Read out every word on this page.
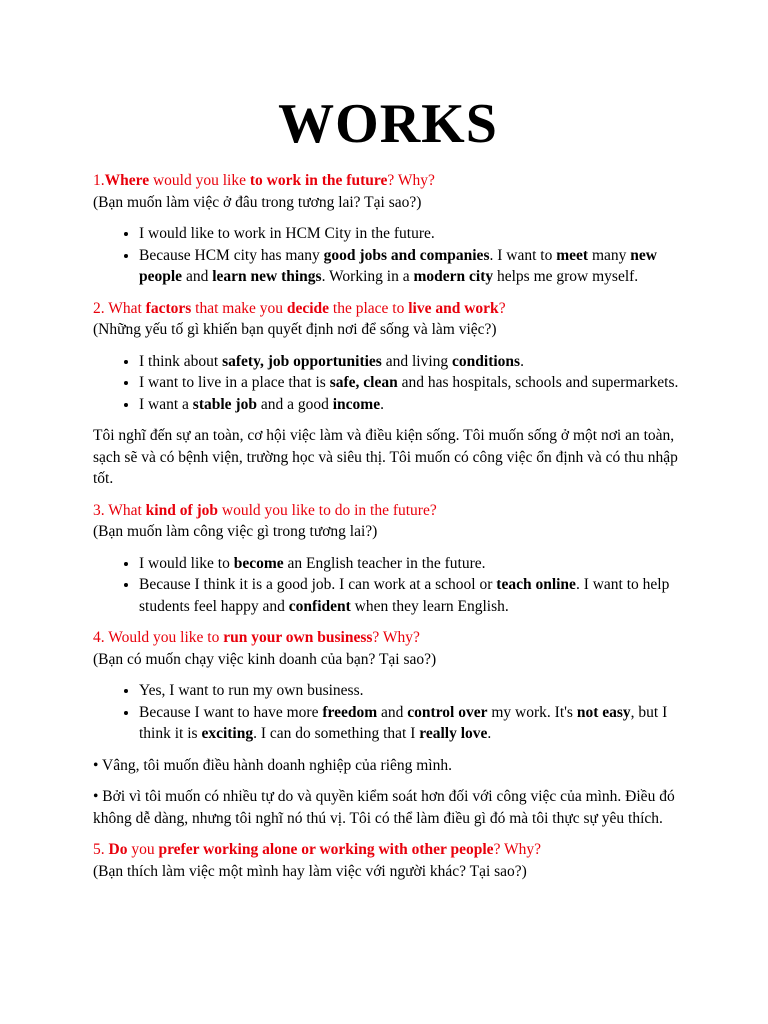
WORKS

1.Where would you like to work in the future? Why?

(Bạn muốn làm việc ở đâu trong tương lai? Tại sao?)

• I would like to work in HCM City in the future.
• Because HCM city has many good jobs and companies. I want to meet many new people and learn new things. Working in a modern city helps me grow myself.

2. What factors that make you decide the place to live and work?

(Những yếu tố gì khiến bạn quyết định nơi để sống và làm việc?)

• I think about safety, job opportunities and living conditions.
• I want to live in a place that is safe, clean and has hospitals, schools and supermarkets.
• I want a stable job and a good income.

Tôi nghĩ đến sự an toàn, cơ hội việc làm và điều kiện sống. Tôi muốn sống ở một nơi an toàn, sạch sẽ và có bệnh viện, trường học và siêu thị. Tôi muốn có công việc ổn định và có thu nhập tốt.

3. What kind of job would you like to do in the future?

(Bạn muốn làm công việc gì trong tương lai?)

• I would like to become an English teacher in the future.
• Because I think it is a good job. I can work at a school or teach online. I want to help students feel happy and confident when they learn English.

4. Would you like to run your own business? Why?

(Bạn có muốn chạy việc kinh doanh của bạn? Tại sao?)

• Yes, I want to run my own business.
• Because I want to have more freedom and control over my work. It's not easy, but I think it is exciting. I can do something that I really love.

• Vâng, tôi muốn điều hành doanh nghiệp của riêng mình.

• Bởi vì tôi muốn có nhiều tự do và quyền kiểm soát hơn đối với công việc của mình. Điều đó không dễ dàng, nhưng tôi nghĩ nó thú vị. Tôi có thể làm điều gì đó mà tôi thực sự yêu thích.

5. Do you prefer working alone or working with other people? Why?

(Bạn thích làm việc một mình hay làm việc với người khác? Tại sao?)
